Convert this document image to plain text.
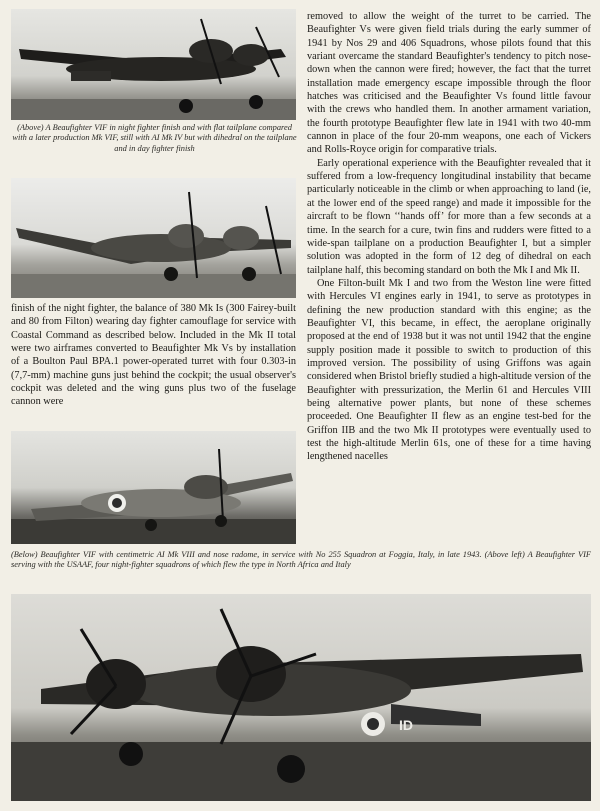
(Above) A Beaufighter VIF in night fighter finish and with flat tailplane compared with a later production Mk VIF, still with AI Mk IV but with dihedral on the tailplane and in day fighter finish

finish of the night fighter, the balance of 380 Mk Is (300 Fairey-built and 80 from Filton) wearing day fighter camouflage for service with Coastal Command as described below. Included in the Mk II total were two airframes converted to Beaufighter Mk Vs by installation of a Boulton Paul BPA.1 power-operated turret with four 0.303-in (7,7-mm) machine guns just behind the cockpit; the usual observer's cockpit was deleted and the wing guns plus two of the fuselage cannon were

removed to allow the weight of the turret to be carried. The Beaufighter Vs were given field trials during the early summer of 1941 by Nos 29 and 406 Squadrons, whose pilots found that this variant overcame the standard Beaufighter's tendency to pitch nose-down when the cannon were fired; however, the fact that the turret installation made emergency escape impossible through the floor hatches was criticised and the Beaufighter Vs found little favour with the crews who handled them. In another armament variation, the fourth prototype Beaufighter flew late in 1941 with two 40-mm cannon in place of the four 20-mm weapons, one each of Vickers and Rolls-Royce origin for comparative trials.

Early operational experience with the Beaufighter revealed that it suffered from a low-frequency longitudinal instability that became particularly noticeable in the climb or when approaching to land (ie, at the lower end of the speed range) and made it impossible for the aircraft to be flown ‘‘hands off’ for more than a few seconds at a time. In the search for a cure, twin fins and rudders were fitted to a wide-span tailplane on a production Beaufighter I, but a simpler solution was adopted in the form of 12 deg of dihedral on each tailplane half, this becoming standard on both the Mk I and Mk II.

One Filton-built Mk I and two from the Weston line were fitted with Hercules VI engines early in 1941, to serve as prototypes in defining the new production standard with this engine; as the Beaufighter VI, this became, in effect, the aeroplane originally proposed at the end of 1938 but it was not until 1942 that the engine supply position made it possible to switch to production of this improved version. The possibility of using Griffons was again considered when Bristol briefly studied a high-altitude version of the Beaufighter with pressurization, the Merlin 61 and Hercules VIII being alternative power plants, but none of these schemes proceeded. One Beaufighter II flew as an engine test-bed for the Griffon IIB and the two Mk II prototypes were eventually used to test the high-altitude Merlin 61s, one of these for a time having lengthened nacelles

(Below) Beaufighter VIF with centimetric AI Mk VIII and nose radome, in service with No 255 Squadron at Foggia, Italy, in late 1943. (Above left) A Beaufighter VIF serving with the USAAF, four night-fighter squadrons of which flew the type in North Africa and Italy
ID
